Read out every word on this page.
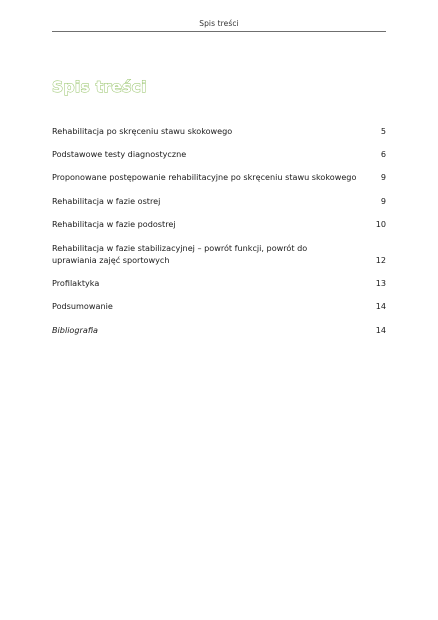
Spis treści
Spis treści
Rehabilitacja po skręceniu stawu skokowego	5
Podstawowe testy diagnostyczne	6
Proponowane postępowanie rehabilitacyjne po skręceniu stawu skokowego	9
Rehabilitacja w fazie ostrej	9
Rehabilitacja w fazie podostrej	10
Rehabilitacja w fazie stabilizacyjnej – powrót funkcji, powrót do uprawiania zajęć sportowych	12
Profilaktyka	13
Podsumowanie	14
Bibliografia	14
